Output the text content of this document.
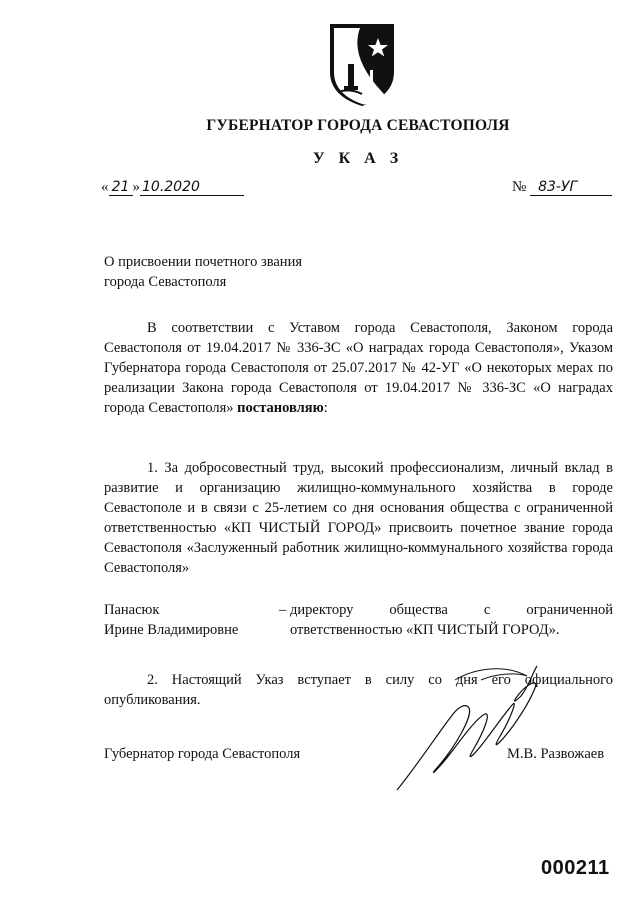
ГУБЕРНАТОР ГОРОДА СЕВАСТОПОЛЯ
У К А З
« 21 » 10.2020	№ 83-УГ
О присвоении почетного звания
города Севастополя
В соответствии с Уставом города Севастополя, Законом города Севастополя от 19.04.2017 № 336-ЗС «О наградах города Севастополя», Указом Губернатора города Севастополя от 25.07.2017 № 42-УГ «О некоторых мерах по реализации Закона города Севастополя от 19.04.2017 № 336-ЗС «О наградах города Севастополя» постановляю:
1. За добросовестный труд, высокий профессионализм, личный вклад в развитие и организацию жилищно-коммунального хозяйства в городе Севастополе и в связи с 25-летием со дня основания общества с ограниченной ответственностью «КП ЧИСТЫЙ ГОРОД» присвоить почетное звание города Севастополя «Заслуженный работник жилищно-коммунального хозяйства города Севастополя»
Панасюк
Ирине Владимировне
– директору общества с ограниченной ответственностью «КП ЧИСТЫЙ ГОРОД».
2. Настоящий Указ вступает в силу со дня его официального опубликования.
Губернатор города Севастополя	М.В. Развожаев
000211
